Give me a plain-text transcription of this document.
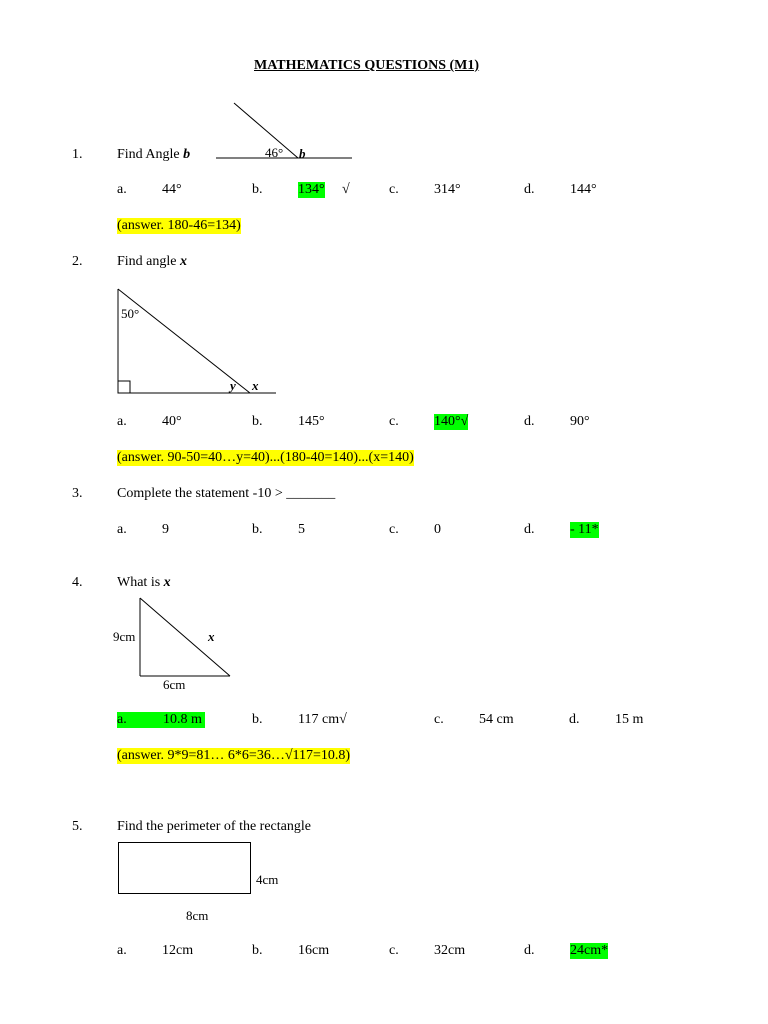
MATHEMATICS QUESTIONS (M1)
1. Find Angle b	46° b
a.	44°	b.	134° √	c.	314°	d.	144°
(answer. 180-46=134)
2. Find angle x
50°
y x
a.	40°	b.	145°	c.	140°√	d.	90°
(answer. 90-50=40…y=40)...(180-40=140)...(x=140)
3. Complete the statement -10 > _______
a.	9	b.	5	c.	0	d.	- 11*
4. What is x
9cm
6cm
x
a.	10.8 m	b.	117 cm√	c.	54 cm	d.	15 m
(answer. 9*9=81… 6*6=36…√117=10.8)
5. Find the perimeter of the rectangle
4cm
8cm
a.	12cm	b.	16cm	c.	32cm	d.	24cm*
